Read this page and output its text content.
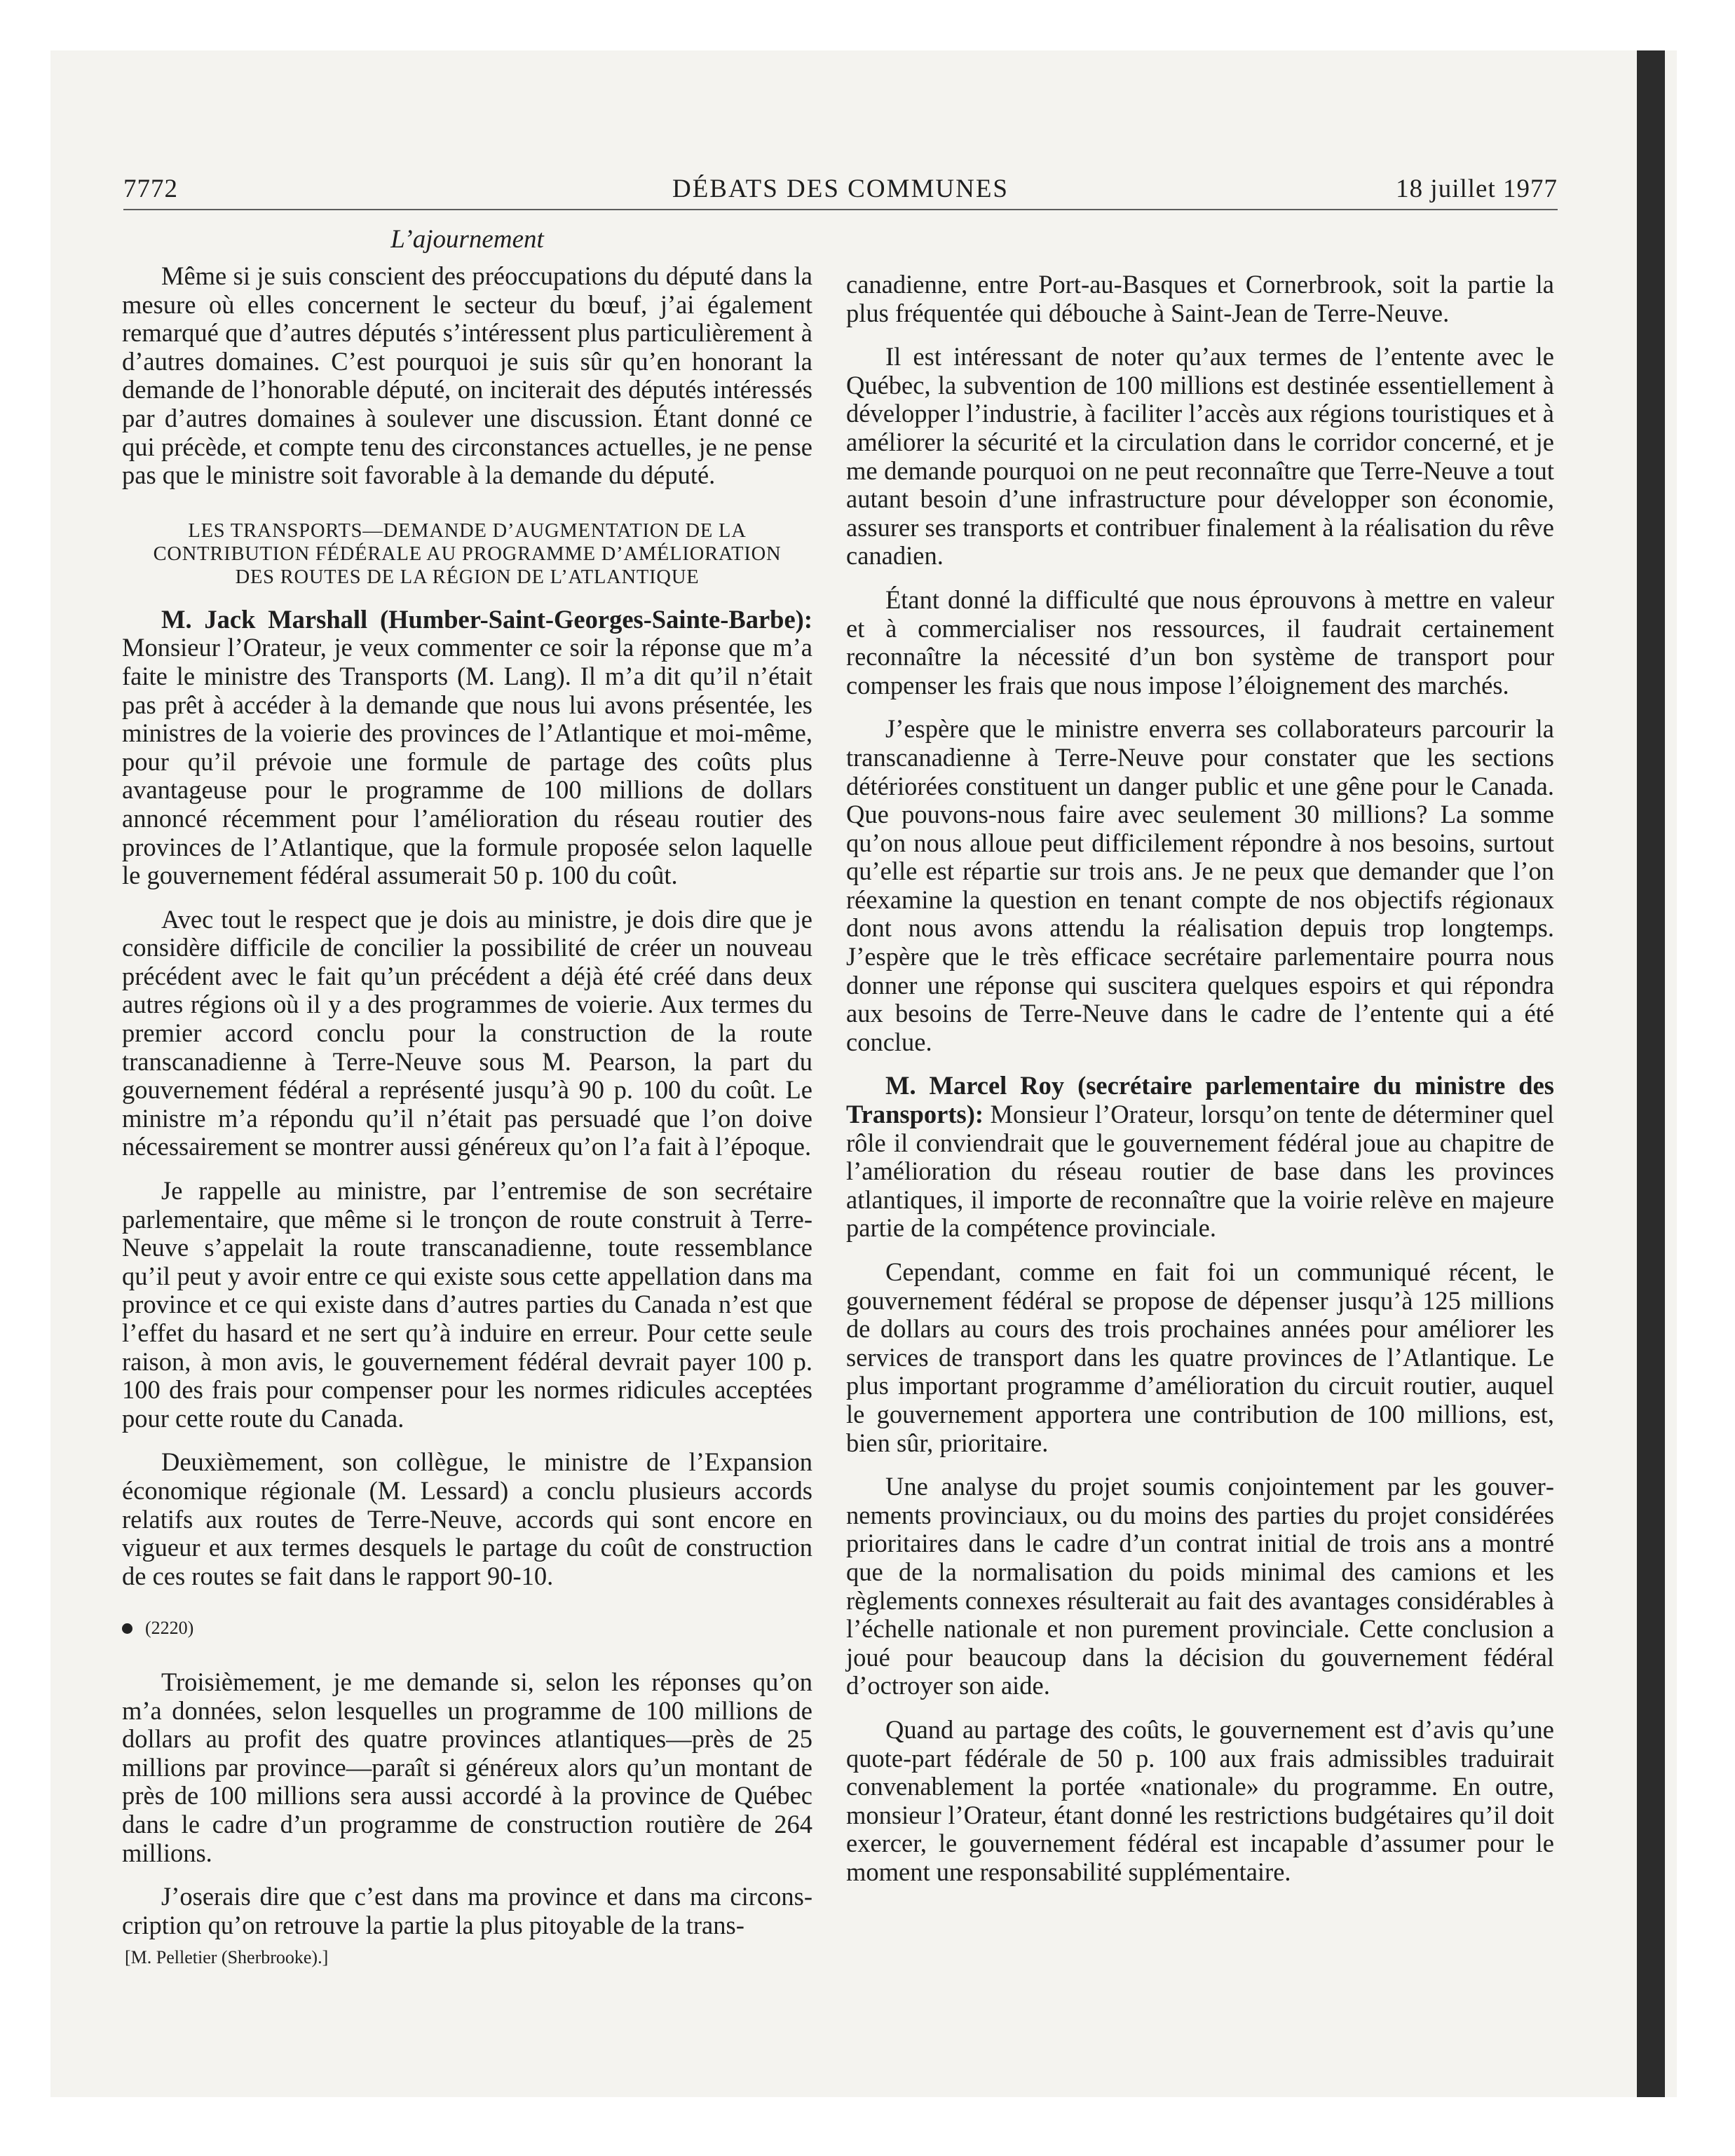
7772	DÉBATS DES COMMUNES	18 juillet 1977
L’ajournement

Même si je suis conscient des préoccupations du député dans la mesure où elles concernent le secteur du bœuf, j’ai également remarqué que d’autres députés s’intéressent plus particulièrement à d’autres domaines. C’est pourquoi je suis sûr qu’en honorant la demande de l’honorable député, on inciterait des députés intéressés par d’autres domaines à soulever une discussion. Étant donné ce qui précède, et compte tenu des circonstances actuelles, je ne pense pas que le ministre soit favorable à la demande du député.

LES TRANSPORTS—DEMANDE D’AUGMENTATION DE LA
CONTRIBUTION FÉDÉRALE AU PROGRAMME D’AMÉLIORATION
DES ROUTES DE LA RÉGION DE L’ATLANTIQUE

M. Jack Marshall (Humber-Saint-Georges-Sainte-Barbe): Monsieur l’Orateur, je veux commenter ce soir la réponse que m’a faite le ministre des Transports (M. Lang). Il m’a dit qu’il n’était pas prêt à accéder à la demande que nous lui avons présentée, les ministres de la voierie des provinces de l’Atlantique et moi-même, pour qu’il prévoie une formule de partage des coûts plus avantageuse pour le programme de 100 millions de dollars annoncé récemment pour l’amélioration du réseau routier des provinces de l’Atlantique, que la formule proposée selon laquelle le gouvernement fédéral assumerait 50 p. 100 du coût.

Avec tout le respect que je dois au ministre, je dois dire que je considère difficile de concilier la possibilité de créer un nouveau précédent avec le fait qu’un précédent a déjà été créé dans deux autres régions où il y a des programmes de voierie. Aux termes du premier accord conclu pour la construction de la route transcanadienne à Terre-Neuve sous M. Pearson, la part du gouvernement fédéral a représenté jusqu’à 90 p. 100 du coût. Le ministre m’a répondu qu’il n’était pas persuadé que l’on doive nécessairement se montrer aussi généreux qu’on l’a fait à l’époque.

Je rappelle au ministre, par l’entremise de son secrétaire parlementaire, que même si le tronçon de route construit à Terre-Neuve s’appelait la route transcanadienne, toute ressemblance qu’il peut y avoir entre ce qui existe sous cette appellation dans ma province et ce qui existe dans d’autres parties du Canada n’est que l’effet du hasard et ne sert qu’à induire en erreur. Pour cette seule raison, à mon avis, le gouvernement fédéral devrait payer 100 p. 100 des frais pour compenser pour les normes ridicules acceptées pour cette route du Canada.

Deuxièmement, son collègue, le ministre de l’Expansion économique régionale (M. Lessard) a conclu plusieurs accords relatifs aux routes de Terre-Neuve, accords qui sont encore en vigueur et aux termes desquels le partage du coût de construction de ces routes se fait dans le rapport 90-10.

(2220)

Troisièmement, je me demande si, selon les réponses qu’on m’a données, selon lesquelles un programme de 100 millions de dollars au profit des quatre provinces atlantiques—près de 25 millions par province—paraît si généreux alors qu’un montant de près de 100 millions sera aussi accordé à la province de Québec dans le cadre d’un programme de construction routière de 264 millions.

J’oserais dire que c’est dans ma province et dans ma circonscription qu’on retrouve la partie la plus pitoyable de la trans-

[M. Pelletier (Sherbrooke).]

canadienne, entre Port-au-Basques et Cornerbrook, soit la partie la plus fréquentée qui débouche à Saint-Jean de Terre-Neuve.

Il est intéressant de noter qu’aux termes de l’entente avec le Québec, la subvention de 100 millions est destinée essentiellement à développer l’industrie, à faciliter l’accès aux régions touristiques et à améliorer la sécurité et la circulation dans le corridor concerné, et je me demande pourquoi on ne peut reconnaître que Terre-Neuve a tout autant besoin d’une infrastructure pour développer son économie, assurer ses transports et contribuer finalement à la réalisation du rêve canadien.

Étant donné la difficulté que nous éprouvons à mettre en valeur et à commercialiser nos ressources, il faudrait certainement reconnaître la nécessité d’un bon système de transport pour compenser les frais que nous impose l’éloignement des marchés.

J’espère que le ministre enverra ses collaborateurs parcourir la transcanadienne à Terre-Neuve pour constater que les sections détériorées constituent un danger public et une gêne pour le Canada. Que pouvons-nous faire avec seulement 30 millions? La somme qu’on nous alloue peut difficilement répondre à nos besoins, surtout qu’elle est répartie sur trois ans. Je ne peux que demander que l’on réexamine la question en tenant compte de nos objectifs régionaux dont nous avons attendu la réalisation depuis trop longtemps. J’espère que le très efficace secrétaire parlementaire pourra nous donner une réponse qui suscitera quelques espoirs et qui répondra aux besoins de Terre-Neuve dans le cadre de l’entente qui a été conclue.

M. Marcel Roy (secrétaire parlementaire du ministre des Transports): Monsieur l’Orateur, lorsqu’on tente de déterminer quel rôle il conviendrait que le gouvernement fédéral joue au chapitre de l’amélioration du réseau routier de base dans les provinces atlantiques, il importe de reconnaître que la voirie relève en majeure partie de la compétence provinciale.

Cependant, comme en fait foi un communiqué récent, le gouvernement fédéral se propose de dépenser jusqu’à 125 millions de dollars au cours des trois prochaines années pour améliorer les services de transport dans les quatre provinces de l’Atlantique. Le plus important programme d’amélioration du circuit routier, auquel le gouvernement apportera une contribution de 100 millions, est, bien sûr, prioritaire.

Une analyse du projet soumis conjointement par les gouvernements provinciaux, ou du moins des parties du projet considérées prioritaires dans le cadre d’un contrat initial de trois ans a montré que de la normalisation du poids minimal des camions et les règlements connexes résulterait au fait des avantages considérables à l’échelle nationale et non purement provinciale. Cette conclusion a joué pour beaucoup dans la décision du gouvernement fédéral d’octroyer son aide.

Quand au partage des coûts, le gouvernement est d’avis qu’une quote-part fédérale de 50 p. 100 aux frais admissibles traduirait convenablement la portée «nationale» du programme. En outre, monsieur l’Orateur, étant donné les restrictions budgétaires qu’il doit exercer, le gouvernement fédéral est incapable d’assumer pour le moment une responsabilité supplémentaire.
